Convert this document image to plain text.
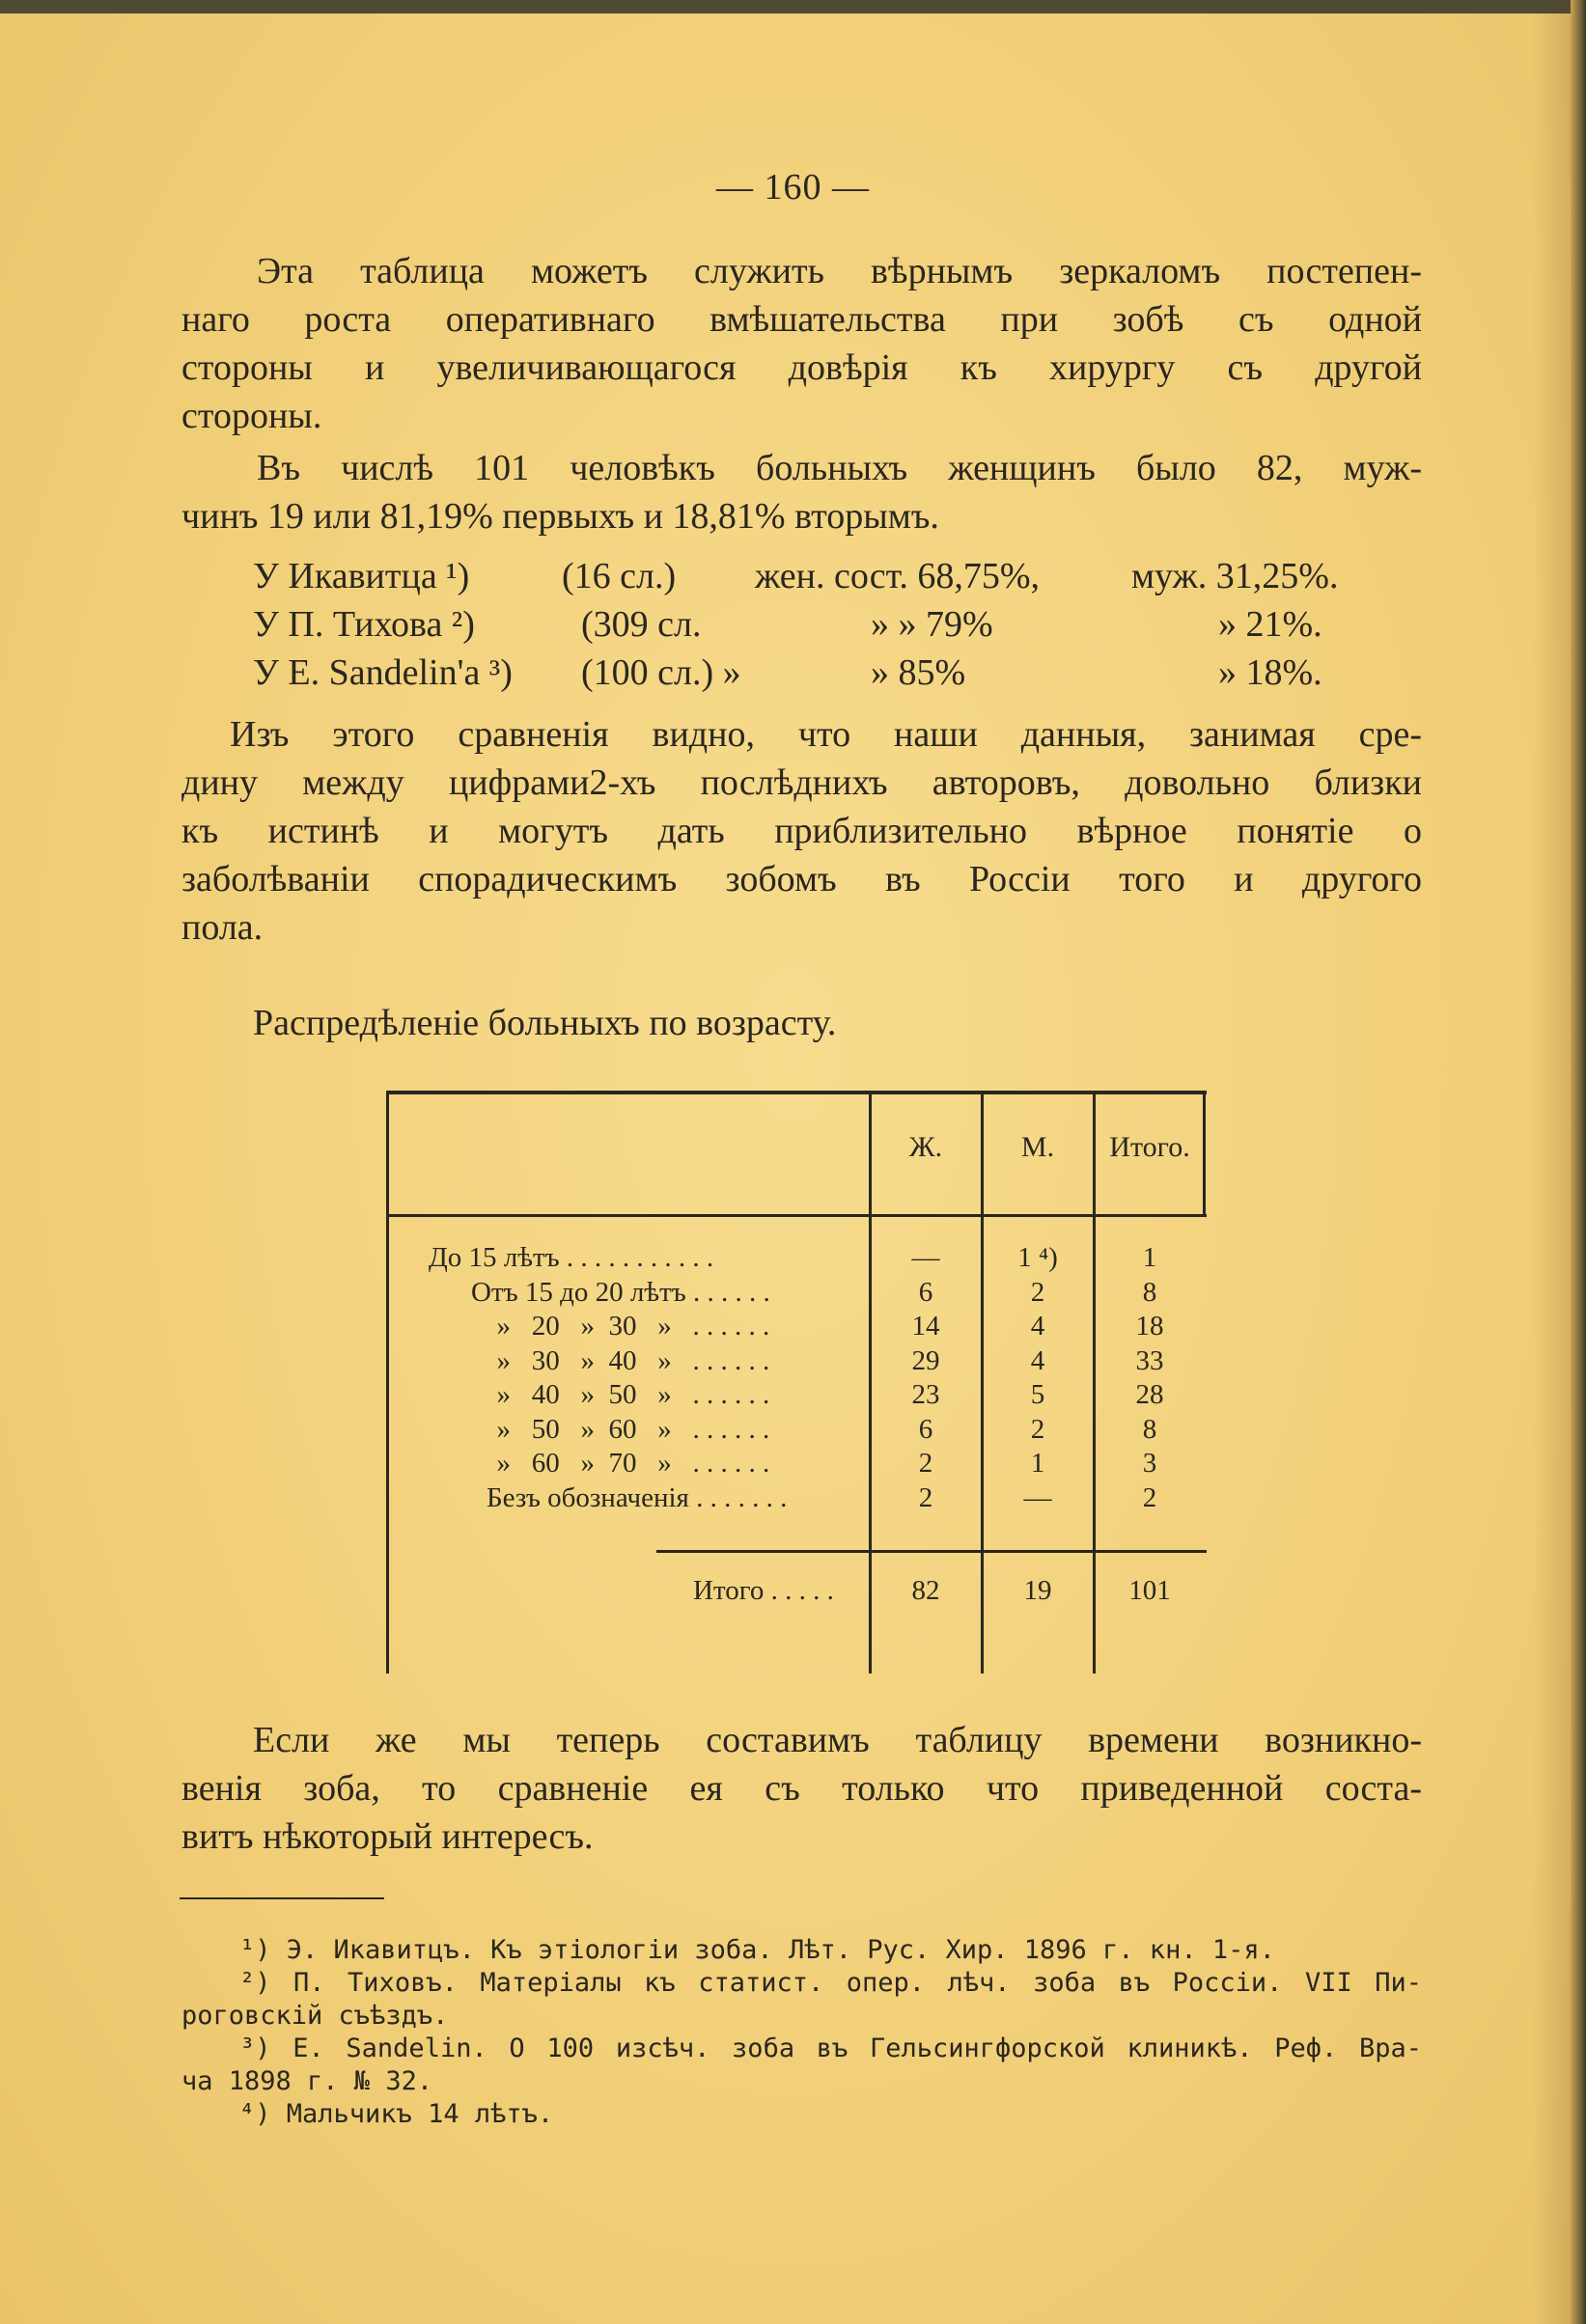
— 160 —
Эта таблица можетъ служить вѣрнымъ зеркаломъ постепен-
наго роста оперативнаго вмѣшательства при зобѣ съ одной
стороны и увеличивающагося довѣрія къ хирургу съ другой
стороны.
Въ числѣ 101 человѣкъ больныхъ женщинъ было 82, муж-
чинъ 19 или 81,19% первыхъ и 18,81% вторымъ.
У Икавитца ¹)	(16 сл.) жен. сост. 68,75%, муж. 31,25%.
У П. Тихова ²)	(309 сл.	» » 79%	» 21%.
У Е. Sandelin'а ³) (100 сл.) »	» 85%	» 18%.
Изъ этого сравненія видно, что наши данныя, занимая сре-
дину между цифрами2-хъ послѣднихъ авторовъ, довольно близки
къ истинѣ и могутъ дать приблизительно вѣрное понятіе о
заболѣваніи спорадическимъ зобомъ въ Россіи того и другого
пола.
Распредѣленіе больныхъ по возрасту.
Ж.	М.	Итого.
До 15 лѣтъ . . . . . . . . . . .	—	1 ⁴)	1
Отъ 15 до 20 лѣтъ . . . . . .	6	2	8
»   20   »  30   »   . . . . . .	14	4	18
»   30   »  40   »   . . . . . .	29	4	33
»   40   »  50   »   . . . . . .	23	5	28
»   50   »  60   »   . . . . . .	6	2	8
»   60   »  70   »   . . . . . .	2	1	3
Безъ обозначенія . . . . . . .	2	—	2
Итого . . . . .	82	19	101
Если же мы теперь составимъ таблицу времени возникно-
венія зоба, то сравненіе ея съ только что приведенной соста-
витъ нѣкоторый интересъ.
¹) Э. Икавитцъ. Къ этіологіи зоба. Лѣт. Рус. Хир. 1896 г. кн. 1-я.
²) П. Тиховъ. Матеріалы къ статист. опер. лѣч. зоба въ Россіи. VII Пи-
роговскій съѣздъ.
³) Е. Sandelin. О 100 изсѣч. зоба въ Гельсингфорской клиникѣ. Реф. Вра-
ча 1898 г. № 32.
⁴) Мальчикъ 14 лѣтъ.
